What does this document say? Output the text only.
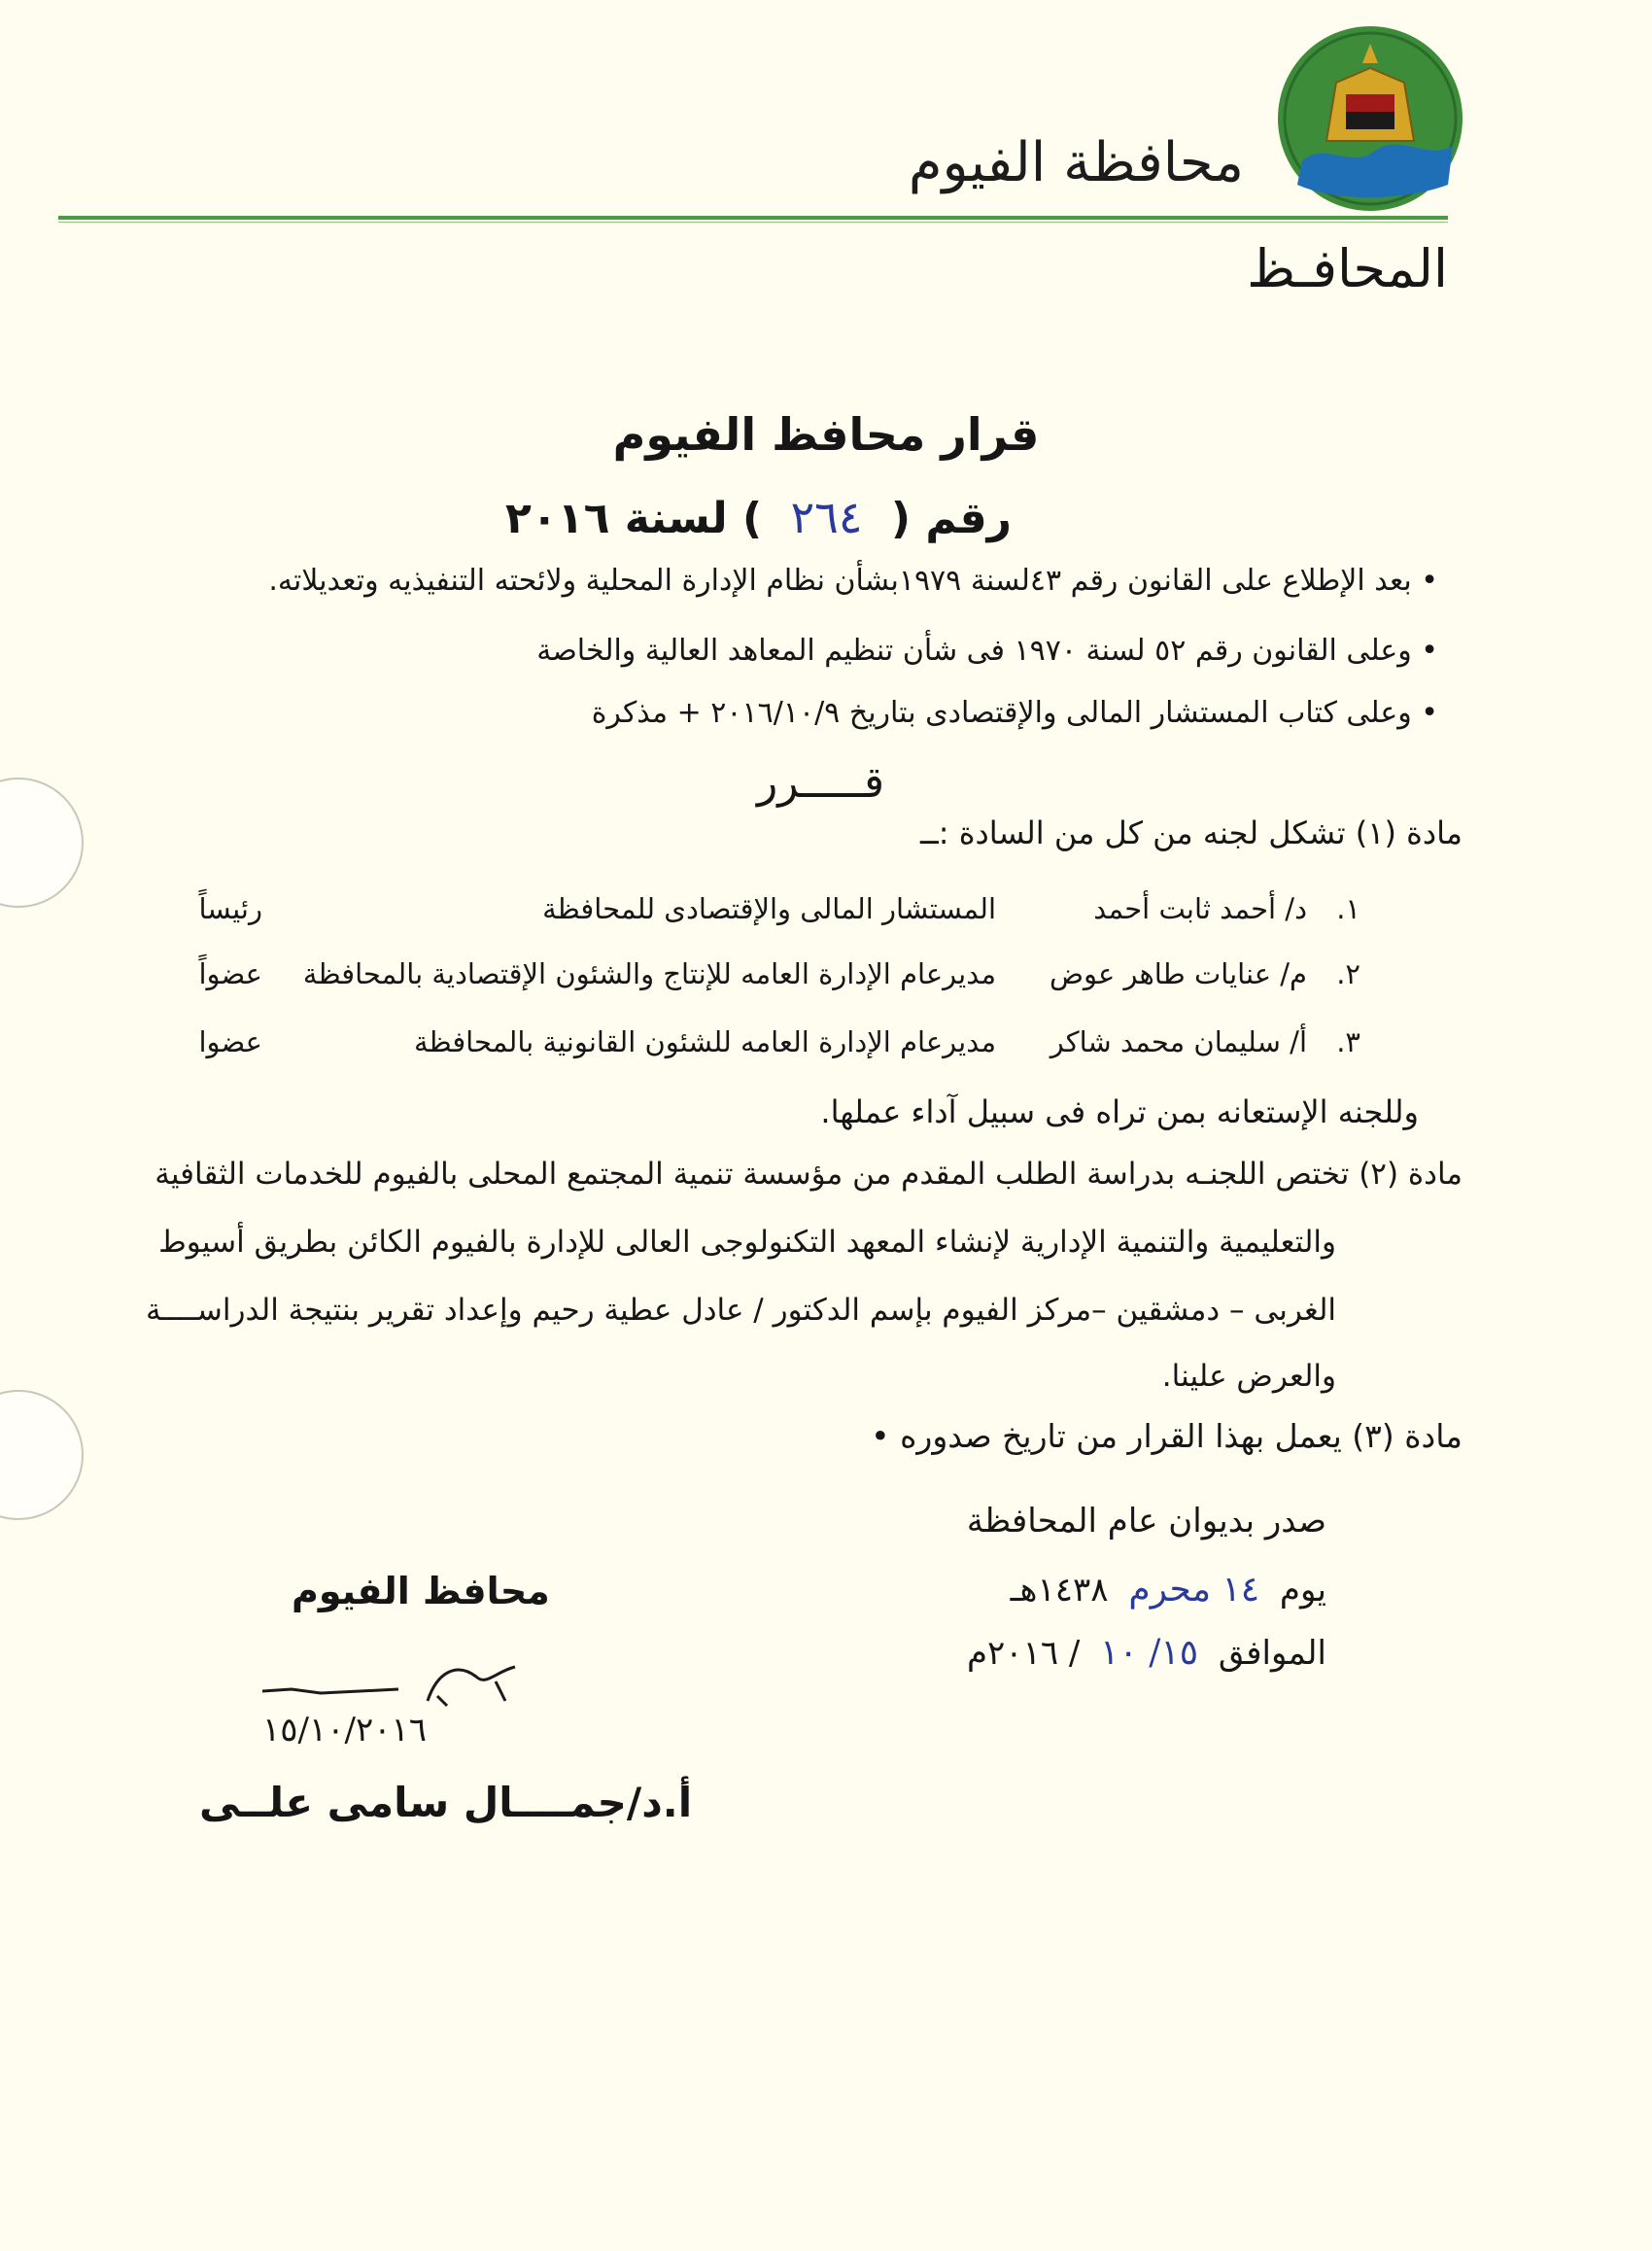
محافظة الفيوم
المحافـظ
قرار محافظ الفيوم
رقم ( ٢٦٤ ) لسنة ٢٠١٦
• بعد الإطلاع على القانون رقم ٤٣لسنة ١٩٧٩بشأن نظام الإدارة المحلية ولائحته التنفيذيه وتعديلاته.
• وعلى القانون رقم ٥٢ لسنة ١٩٧٠ فى شأن تنظيم المعاهد العالية والخاصة
• وعلى كتاب المستشار المالى والإقتصادى بتاريخ ٢٠١٦/١٠/٩ + مذكرة
قـــــرر
مادة (١) تشكل لجنه من كل من السادة :ــ
١.
د/ أحمد ثابت أحمد
المستشار المالى والإقتصادى للمحافظة
رئيساً
٢.
م/ عنايات طاهر عوض
مديرعام الإدارة العامه للإنتاج والشئون الإقتصادية بالمحافظة
عضواً
٣.
أ/ سليمان محمد شاكر
مديرعام الإدارة العامه للشئون القانونية بالمحافظة
عضوا
وللجنه الإستعانه بمن تراه فى سبيل آداء عملها.
مادة (٢) تختص اللجنـه بدراسة الطلب المقدم من مؤسسة تنمية المجتمع المحلى بالفيوم للخدمات الثقافية
والتعليمية والتنمية الإدارية لإنشاء المعهد التكنولوجى العالى للإدارة بالفيوم الكائن بطريق أسيوط
الغربى – دمشقين –مركز الفيوم بإسم الدكتور / عادل عطية رحيم وإعداد تقرير بنتيجة الدراســــة
والعرض علينا.
مادة (٣) يعمل بهذا القرار من تاريخ صدوره •
صدر بديوان عام المحافظة
يوم ١٤ محرم ١٤٣٨هـ
الموافق ١٥/ ١٠ / ٢٠١٦م
محافظ الفيوم
١٥/١٠/٢٠١٦
أ.د/جمــــال سامى علــى
